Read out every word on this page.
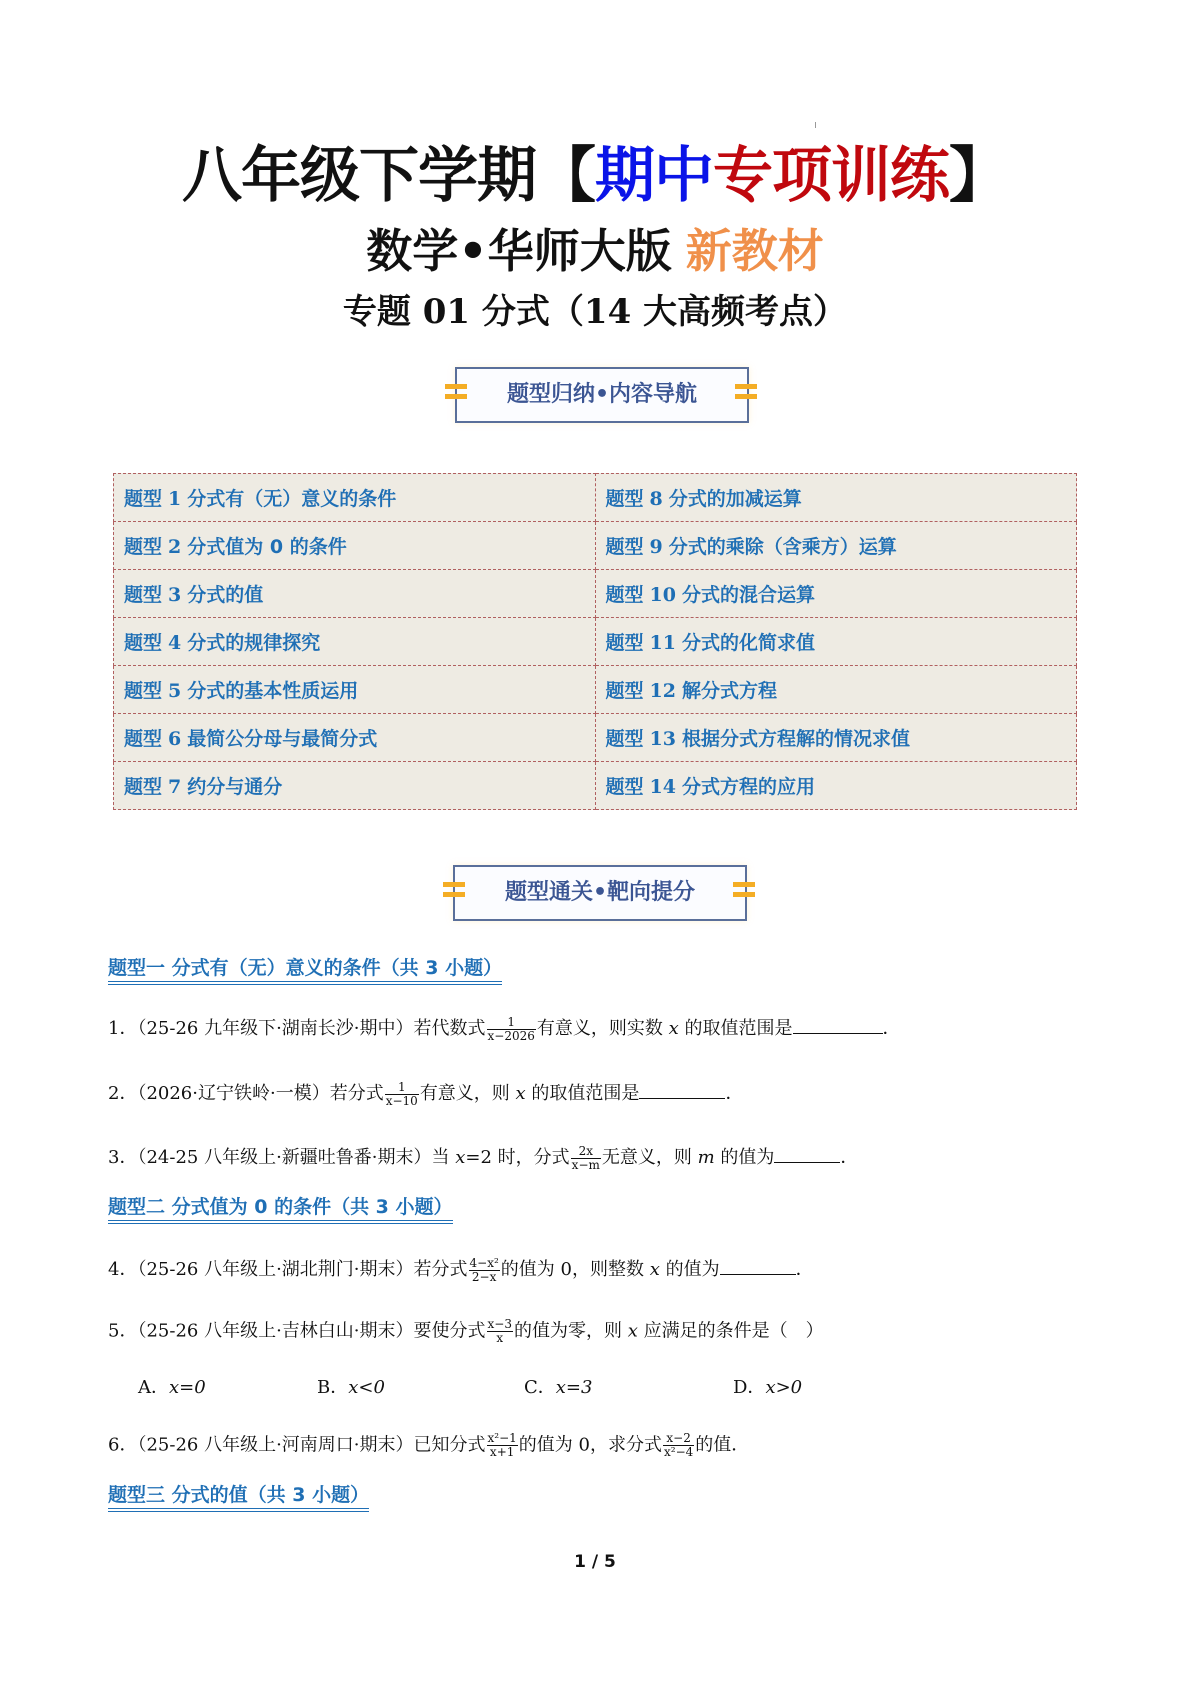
八年级下学期【期中专项训练】
数学•华师大版 新教材
专题 01 分式（14 大高频考点）
题型归纳•内容导航
题型 1 分式有（无）意义的条件	题型 8 分式的加减运算
题型 2 分式值为 0 的条件	题型 9 分式的乘除（含乘方）运算
题型 3 分式的值	题型 10 分式的混合运算
题型 4 分式的规律探究	题型 11 分式的化简求值
题型 5 分式的基本性质运用	题型 12 解分式方程
题型 6 最简公分母与最简分式	题型 13 根据分式方程解的情况求值
题型 7 约分与通分	题型 14 分式方程的应用
题型通关•靶向提分
题型一 分式有（无）意义的条件（共 3 小题）
1．（25-26 九年级下·湖南长沙·期中）若代数式 $\frac{1}{x-2026}$ 有意义，则实数 x 的取值范围是	．
2．（2026·辽宁铁岭·一模）若分式 $\frac{1}{x-10}$ 有意义，则 x 的取值范围是	．
3．（24-25 八年级上·新疆吐鲁番·期末）当 x=2 时，分式 $\frac{2x}{x-m}$ 无意义，则 m 的值为	．
题型二 分式值为 0 的条件（共 3 小题）
4．（25-26 八年级上·湖北荆门·期末）若分式 $\frac{\text{4−x²}}{2-x}$ 的值为 0，则整数 x 的值为	．
5．（25-26 八年级上·吉林白山·期末）要使分式 $\frac{x-3}{x}$ 的值为零，则 x 应满足的条件是（　）
A．x=0	B．x<0	C．x=3	D．x>0
6．（25-26 八年级上·河南周口·期末）已知分式 $\frac{\text{x²−1}}{x+1}$ 的值为 0，求分式 $\frac{x-2}{\text{x²−4}}$ 的值．
题型三 分式的值（共 3 小题）
1 / 5
